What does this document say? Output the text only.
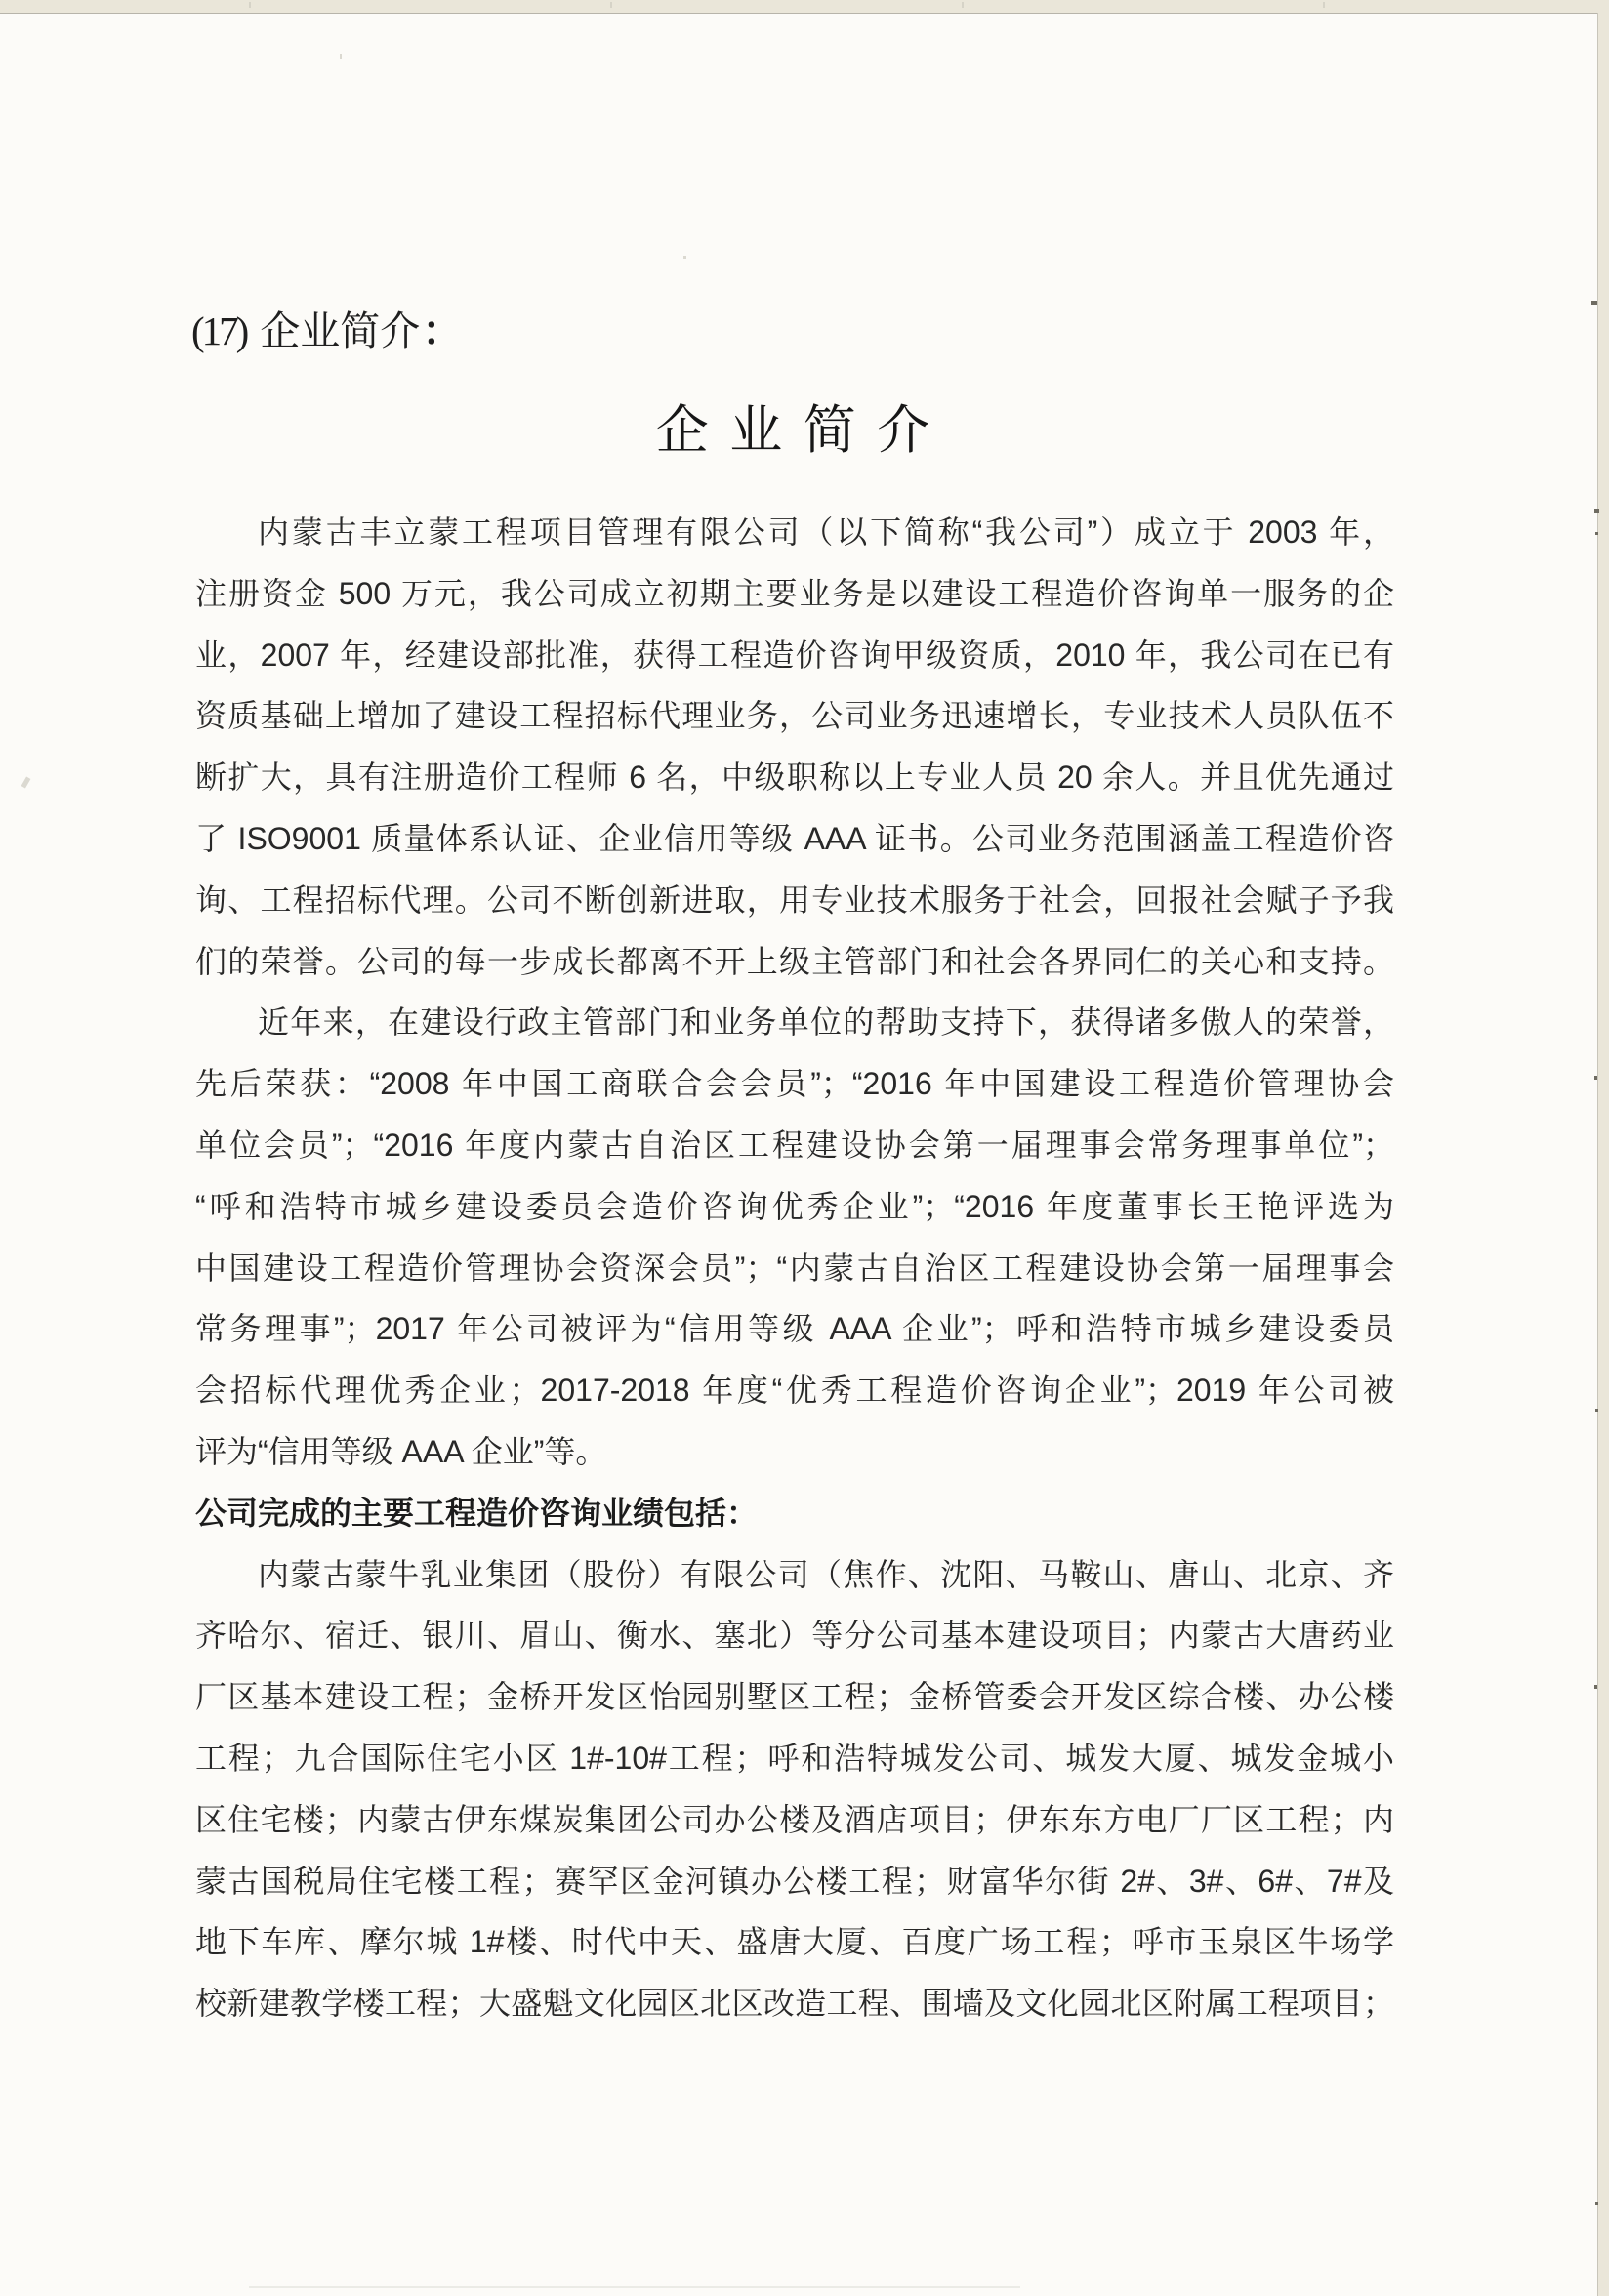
(17) 企业简介：
企 业 简 介
内蒙古丰立蒙工程项目管理有限公司（以下简称“我公司”）成立于 2003 年，
注册资金 500 万元，我公司成立初期主要业务是以建设工程造价咨询单一服务的企
业，2007 年，经建设部批准，获得工程造价咨询甲级资质，2010 年，我公司在已有
资质基础上增加了建设工程招标代理业务，公司业务迅速增长，专业技术人员队伍不
断扩大，具有注册造价工程师 6 名，中级职称以上专业人员 20 余人。并且优先通过
了 ISO9001 质量体系认证、企业信用等级 AAA 证书。公司业务范围涵盖工程造价咨
询、工程招标代理。公司不断创新进取，用专业技术服务于社会，回报社会赋子予我
们的荣誉。公司的每一步成长都离不开上级主管部门和社会各界同仁的关心和支持。
近年来，在建设行政主管部门和业务单位的帮助支持下，获得诸多傲人的荣誉，
先后荣获：“2008 年中国工商联合会会员”；“2016 年中国建设工程造价管理协会
单位会员”；“2016 年度内蒙古自治区工程建设协会第一届理事会常务理事单位”；
“呼和浩特市城乡建设委员会造价咨询优秀企业”；“2016 年度董事长王艳评选为
中国建设工程造价管理协会资深会员”；“内蒙古自治区工程建设协会第一届理事会
常务理事”；2017 年公司被评为“信用等级 AAA 企业”；呼和浩特市城乡建设委员
会招标代理优秀企业；2017-2018 年度“优秀工程造价咨询企业”；2019 年公司被
评为“信用等级 AAA 企业”等。
公司完成的主要工程造价咨询业绩包括：
内蒙古蒙牛乳业集团（股份）有限公司（焦作、沈阳、马鞍山、唐山、北京、齐
齐哈尔、宿迁、银川、眉山、衡水、塞北）等分公司基本建设项目；内蒙古大唐药业
厂区基本建设工程；金桥开发区怡园别墅区工程；金桥管委会开发区综合楼、办公楼
工程；九合国际住宅小区 1#-10#工程；呼和浩特城发公司、城发大厦、城发金城小
区住宅楼；内蒙古伊东煤炭集团公司办公楼及酒店项目；伊东东方电厂厂区工程；内
蒙古国税局住宅楼工程；赛罕区金河镇办公楼工程；财富华尔街 2#、3#、6#、7#及
地下车库、摩尔城 1#楼、时代中天、盛唐大厦、百度广场工程；呼市玉泉区牛场学
校新建教学楼工程；大盛魁文化园区北区改造工程、围墙及文化园北区附属工程项目；
